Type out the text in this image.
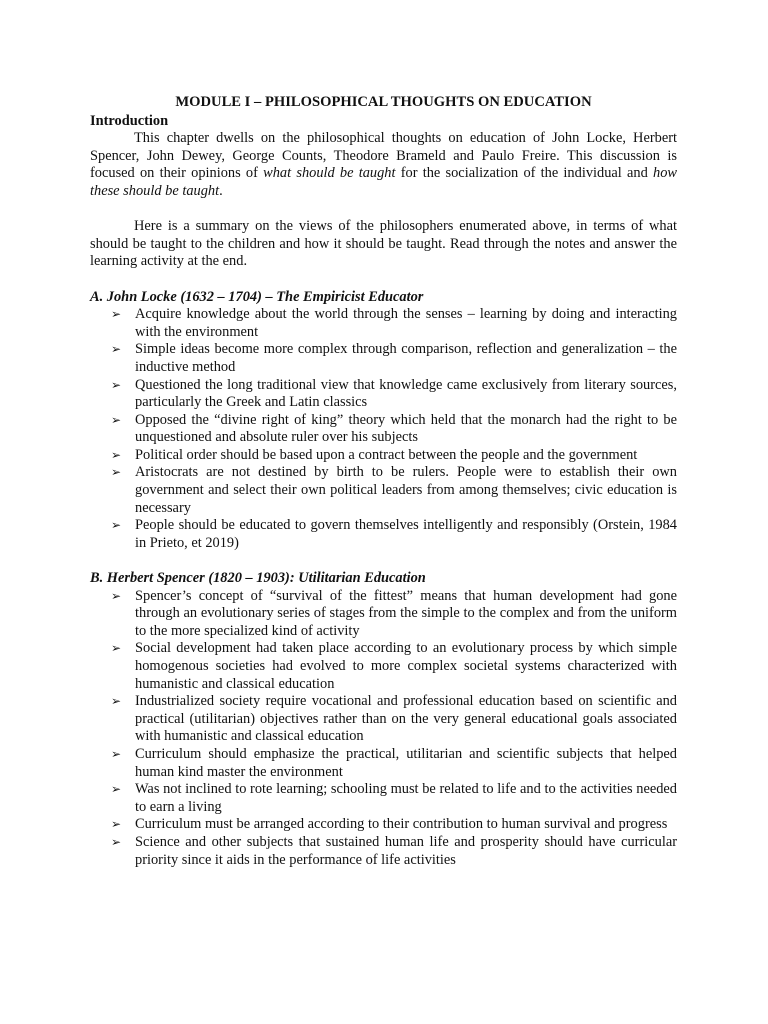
MODULE I – PHILOSOPHICAL THOUGHTS ON EDUCATION
Introduction

This chapter dwells on the philosophical thoughts on education of John Locke, Herbert Spencer, John Dewey, George Counts, Theodore Brameld and Paulo Freire. This discussion is focused on their opinions of what should be taught for the socialization of the individual and how these should be taught.

Here is a summary on the views of the philosophers enumerated above, in terms of what should be taught to the children and how it should be taught. Read through the notes and answer the learning activity at the end.

A. John Locke (1632 – 1704) – The Empiricist Educator
➢ Acquire knowledge about the world through the senses – learning by doing and interacting with the environment
➢ Simple ideas become more complex through comparison, reflection and generalization – the inductive method
➢ Questioned the long traditional view that knowledge came exclusively from literary sources, particularly the Greek and Latin classics
➢ Opposed the “divine right of king” theory which held that the monarch had the right to be unquestioned and absolute ruler over his subjects
➢ Political order should be based upon a contract between the people and the government
➢ Aristocrats are not destined by birth to be rulers. People were to establish their own government and select their own political leaders from among themselves; civic education is necessary
➢ People should be educated to govern themselves intelligently and responsibly (Orstein, 1984 in Prieto, et 2019)
B. Herbert Spencer (1820 – 1903): Utilitarian Education
➢ Spencer’s concept of “survival of the fittest” means that human development had gone through an evolutionary series of stages from the simple to the complex and from the uniform to the more specialized kind of activity
➢ Social development had taken place according to an evolutionary process by which simple homogenous societies had evolved to more complex societal systems characterized with humanistic and classical education
➢ Industrialized society require vocational and professional education based on scientific and practical (utilitarian) objectives rather than on the very general educational goals associated with humanistic and classical education
➢ Curriculum should emphasize the practical, utilitarian and scientific subjects that helped human kind master the environment
➢ Was not inclined to rote learning; schooling must be related to life and to the activities needed to earn a living
➢ Curriculum must be arranged according to their contribution to human survival and progress
➢ Science and other subjects that sustained human life and prosperity should have curricular priority since it aids in the performance of life activities
